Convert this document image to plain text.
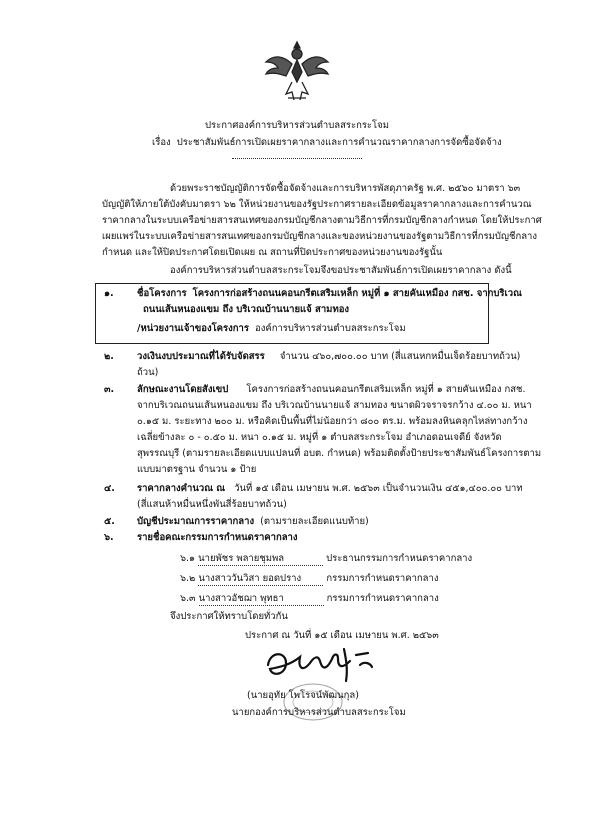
ประกาศองค์การบริหารส่วนตำบลสระกระโจม
เรื่อง ประชาสัมพันธ์การเปิดเผยราคากลางและการคำนวณราคากลางการจัดซื้อจัดจ้าง
ด้วยพระราชบัญญัติการจัดซื้อจัดจ้างและการบริหารพัสดุภาครัฐ พ.ศ. ๒๕๖๐ มาตรา ๖๓
บัญญัติให้ภายใต้บังคับมาตรา ๖๒ ให้หน่วยงานของรัฐประกาศรายละเอียดข้อมูลราคากลางและการคำนวณ
ราคากลางในระบบเครือข่ายสารสนเทศของกรมบัญชีกลางตามวิธีการที่กรมบัญชีกลางกำหนด โดยให้ประกาศ
เผยแพร่ในระบบเครือข่ายสารสนเทศของกรมบัญชีกลางและของหน่วยงานของรัฐตามวิธีการที่กรมบัญชีกลาง
กำหนด และให้ปิดประกาศโดยเปิดเผย ณ สถานที่ปิดประกาศของหน่วยงานของรัฐนั้น
องค์การบริหารส่วนตำบลสระกระโจมจึงขอประชาสัมพันธ์การเปิดเผยราคากลาง ดังนี้
๑. ชื่อโครงการ โครงการก่อสร้างถนนคอนกรีตเสริมเหล็ก หมู่ที่ ๑ สายคันเหมือง กสช. จากบริเวณ
ถนนเส้นหนองแขม ถึง บริเวณบ้านนายแจ้ สามทอง
/หน่วยงานเจ้าของโครงการ องค์การบริหารส่วนตำบลสระกระโจม
๒. วงเงินงบประมาณที่ได้รับจัดสรร จำนวน ๔๖๐,๗๐๐.๐๐ บาท (สี่แสนหกหมื่นเจ็ดร้อยบาทถ้วน)
ถ้วน)
๓. ลักษณะงานโดยสังเขป โครงการก่อสร้างถนนคอนกรีตเสริมเหล็ก หมู่ที่ ๑ สายคันเหมือง กสช.
จากบริเวณถนนเส้นหนองแขม ถึง บริเวณบ้านนายแจ้ สามทอง ขนาดผิวจราจรกว้าง ๔.๐๐ ม. หนา
๐.๑๕ ม. ระยะทาง ๒๐๐ ม. หรือคิดเป็นพื้นที่ไม่น้อยกว่า ๘๐๐ ตร.ม. พร้อมลงหินคลุกไหล่ทางกว้าง
เฉลี่ยข้างละ ๐ - ๐.๕๐ ม. หนา ๐.๑๕ ม. หมู่ที่ ๑ ตำบลสระกระโจม อำเภอดอนเจดีย์ จังหวัด
สุพรรณบุรี (ตามรายละเอียดแบบแปลนที่ อบต. กำหนด) พร้อมติดตั้งป้ายประชาสัมพันธ์โครงการตาม
แบบมาตรฐาน จำนวน ๑ ป้าย
๔. ราคากลางคำนวณ ณ วันที่ ๑๕ เดือน เมษายน พ.ศ. ๒๕๖๓ เป็นจำนวนเงิน ๔๕๑,๔๐๐.๐๐ บาท
(สี่แสนห้าหมื่นหนึ่งพันสี่ร้อยบาทถ้วน)
๕. บัญชีประมาณการราคากลาง (ตามรายละเอียดแนบท้าย)
๖. รายชื่อคณะกรรมการกำหนดราคากลาง
๖.๑ นายพัชร พลายชุมพล	ประธานกรรมการกำหนดราคากลาง
๖.๒ นางสาววันวิสา ยอดปราง	กรรมการกำหนดราคากลาง
๖.๓ นางสาวอัชฌา พุทธา	กรรมการกำหนดราคากลาง
จึงประกาศให้ทราบโดยทั่วกัน
ประกาศ ณ วันที่ ๑๕ เดือน เมษายน พ.ศ. ๒๕๖๓
(นายอุทัย โพโรจน์พัฒนกุล)
นายกองค์การบริหารส่วนตำบลสระกระโจม
